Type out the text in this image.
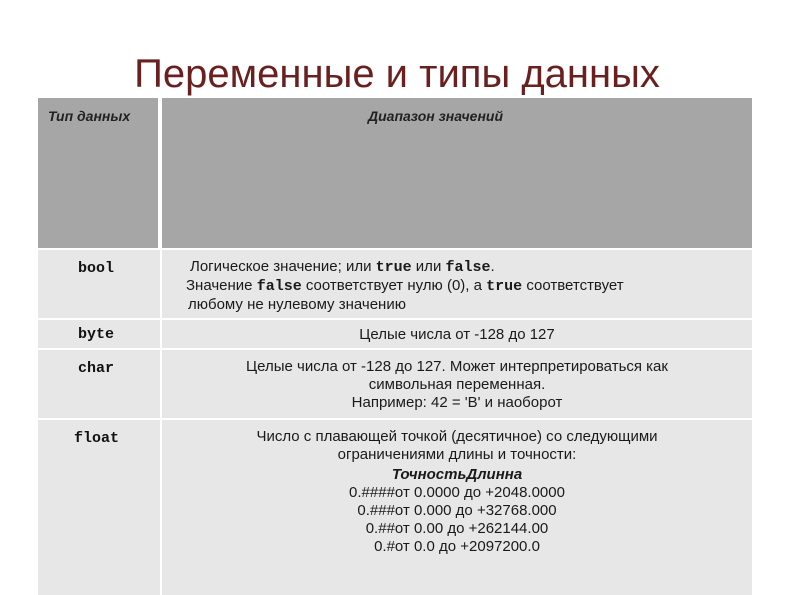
Переменные и типы данных
Тип данных	Диапазон значений
bool	Логическое значение; или true или false.
Значение false соответствует нулю (0), а true соответствует
любому не нулевому значению
byte	Целые числа от -128 до 127
char	Целые числа от -128 до 127. Может интерпретироваться как
символьная переменная.
Например: 42 = 'B' и наоборот
float	Число с плавающей точкой (десятичное) со следующими
ограничениями длины и точности:
ТочностьДлинна
0.####от 0.0000 до +2048.0000
0.###от 0.000 до +32768.000
0.##от 0.00 до +262144.00
0.#от 0.0 до +2097200.0
